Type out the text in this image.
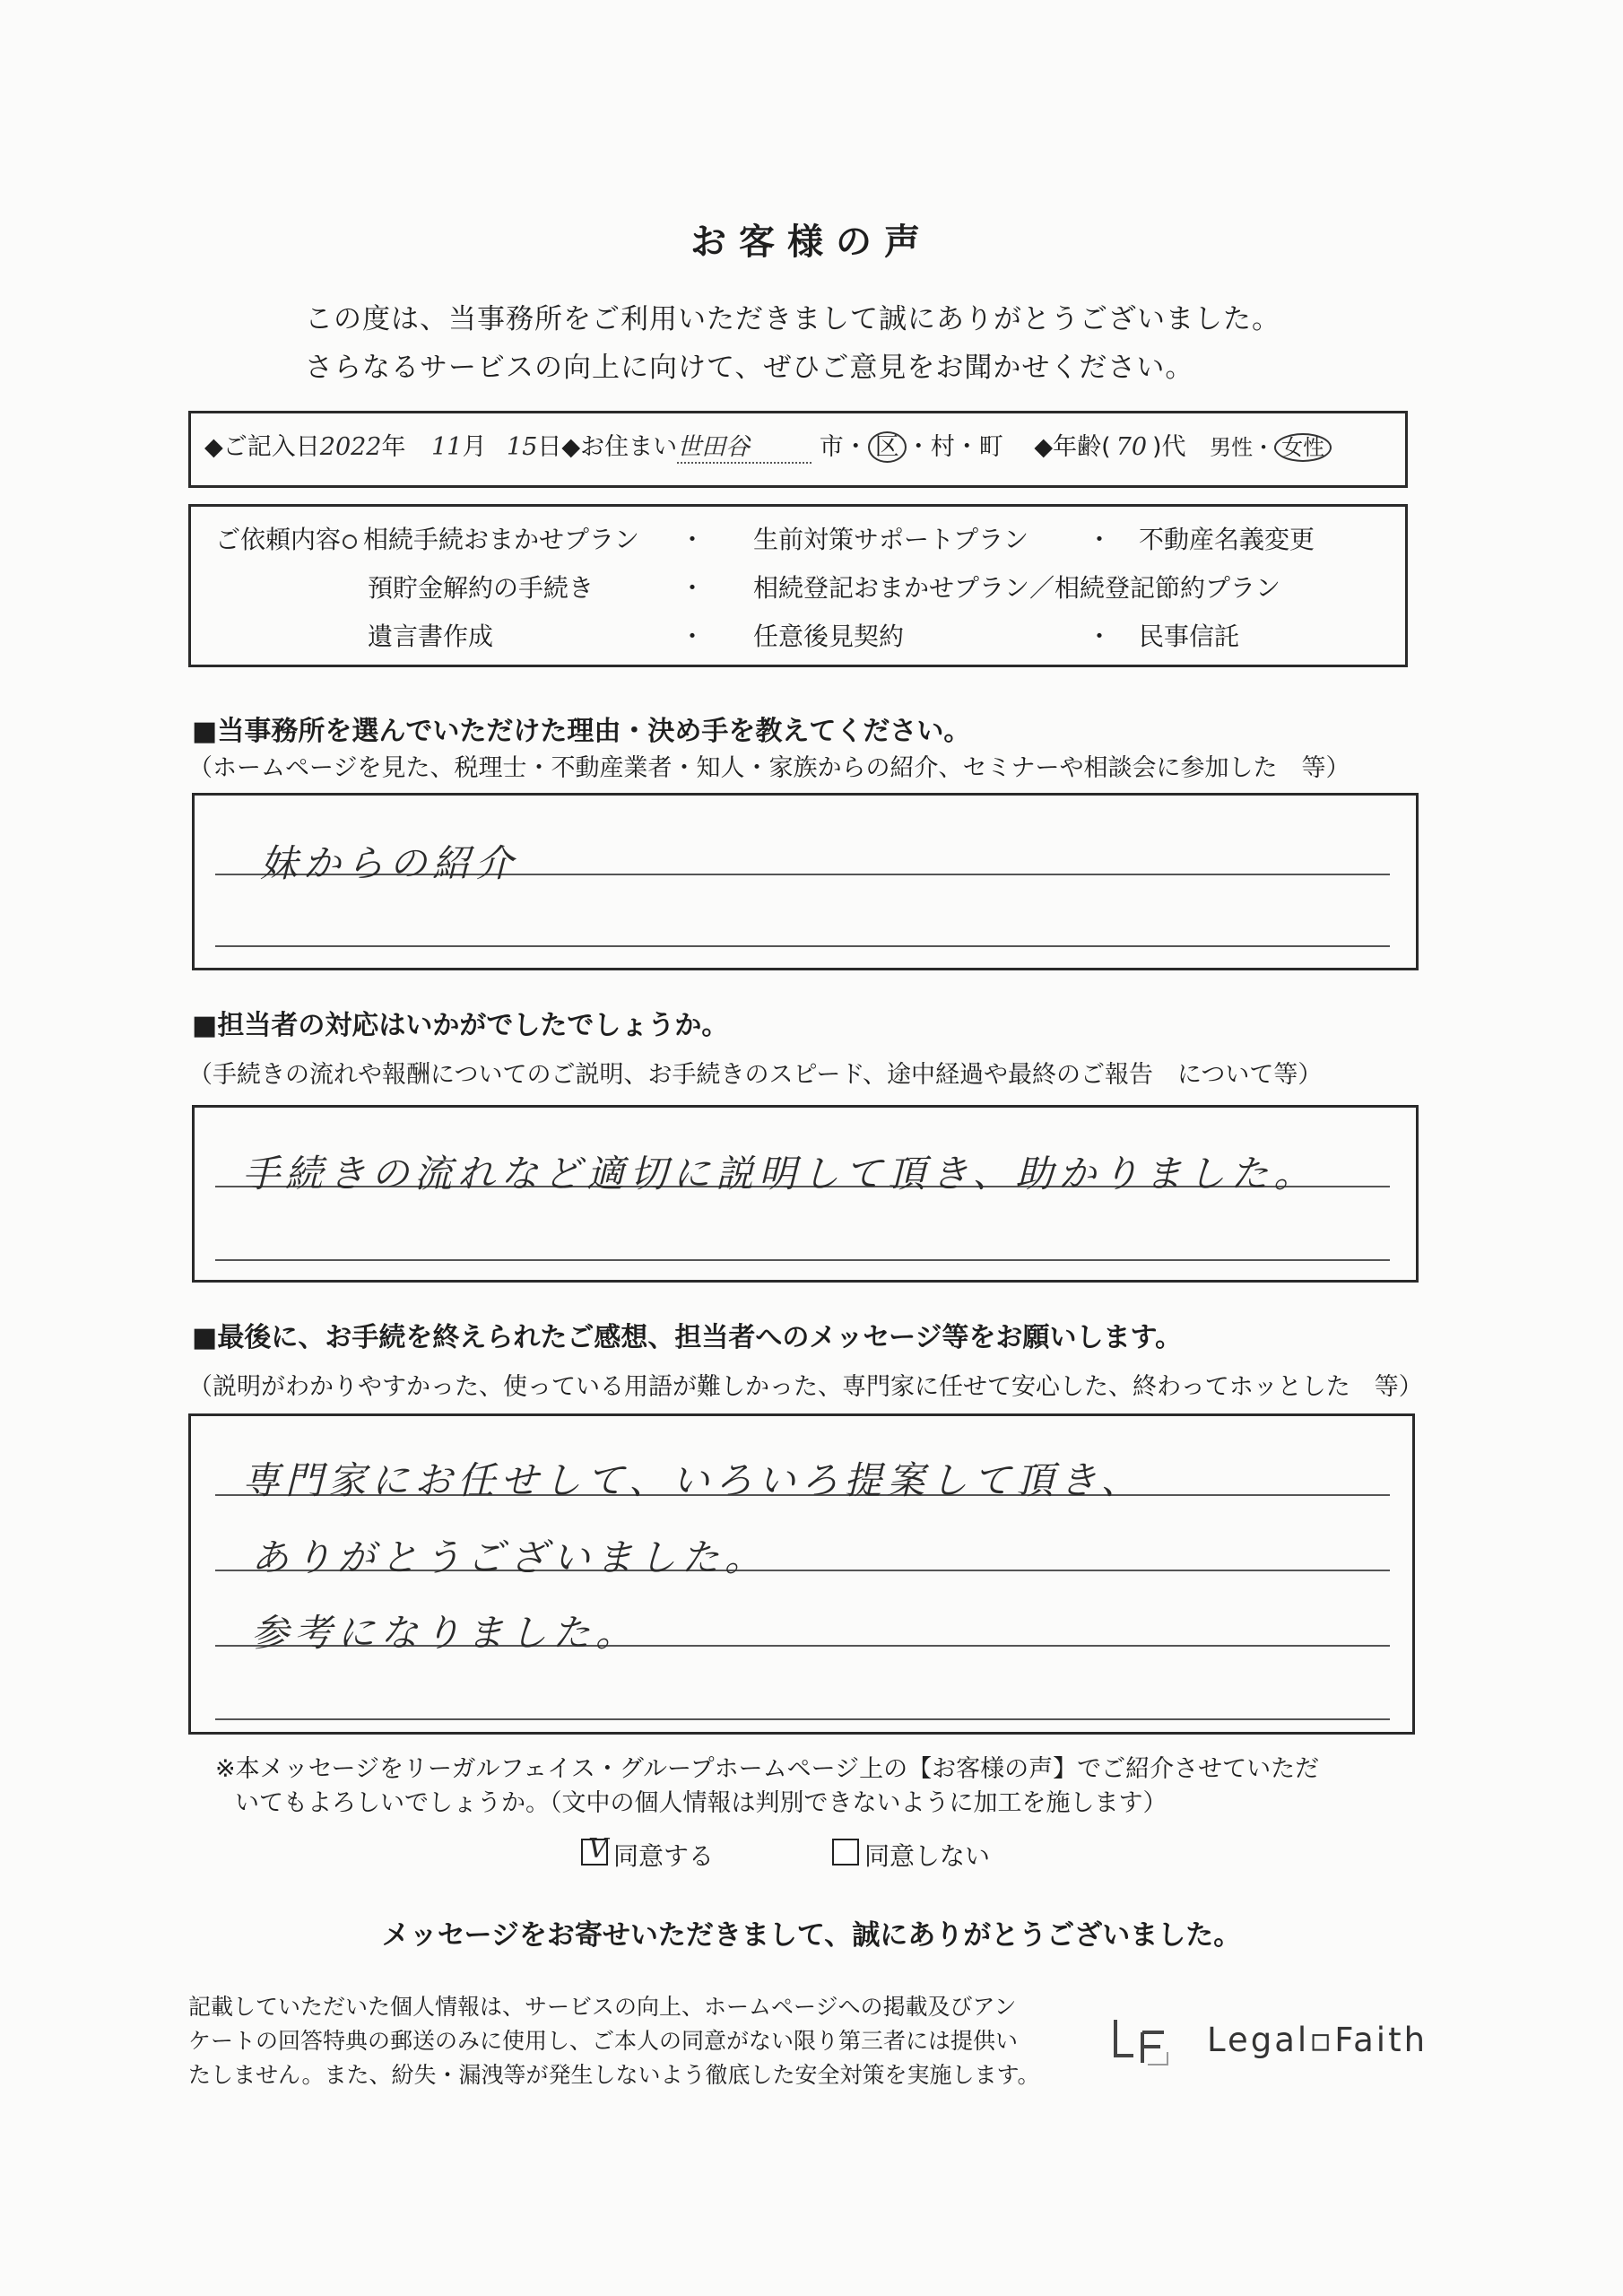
お客様の声
この度は、当事務所をご利用いただきまして誠にありがとうございました。
さらなるサービスの向上に向けて、ぜひご意見をお聞かせください。
◆ご記入日2022年 11月 15日◆お住まい世田谷	市・ 区 ・村・町 ◆年齢( 70 )代 男性・ 女性
ご依頼内容 相続手続おまかせプラン ・ 生前対策サポートプラン ・ 不動産名義変更
預貯金解約の手続き	・ 相続登記おまかせプラン／相続登記節約プラン
遺言書作成	・ 任意後見契約	・ 民事信託
■当事務所を選んでいただけた理由・決め手を教えてください。
（ホームページを見た、税理士・不動産業者・知人・家族からの紹介、セミナーや相談会に参加した　等）
妹からの紹介
■担当者の対応はいかがでしたでしょうか。
（手続きの流れや報酬についてのご説明、お手続きのスピード、途中経過や最終のご報告　について等）
手続きの流れなど適切に説明して頂き、助かりました。
■最後に、お手続を終えられたご感想、担当者へのメッセージ等をお願いします。
（説明がわかりやすかった、使っている用語が難しかった、専門家に任せて安心した、終わってホッとした　等）
専門家にお任せして、いろいろ提案して頂き、
ありがとうございました。
参考になりました。
※本メッセージをリーガルフェイス・グループホームページ上の【お客様の声】でご紹介させていただ
いてもよろしいでしょうか。（文中の個人情報は判別できないように加工を施します）
V 同意する	同意しない
メッセージをお寄せいただきまして、誠にありがとうございました。
記載していただいた個人情報は、サービスの向上、ホームページへの掲載及びアン
ケートの回答特典の郵送のみに使用し、ご本人の同意がない限り第三者には提供い
たしません。また、紛失・漏洩等が発生しないよう徹底した安全対策を実施します。
Legal▫Faith
